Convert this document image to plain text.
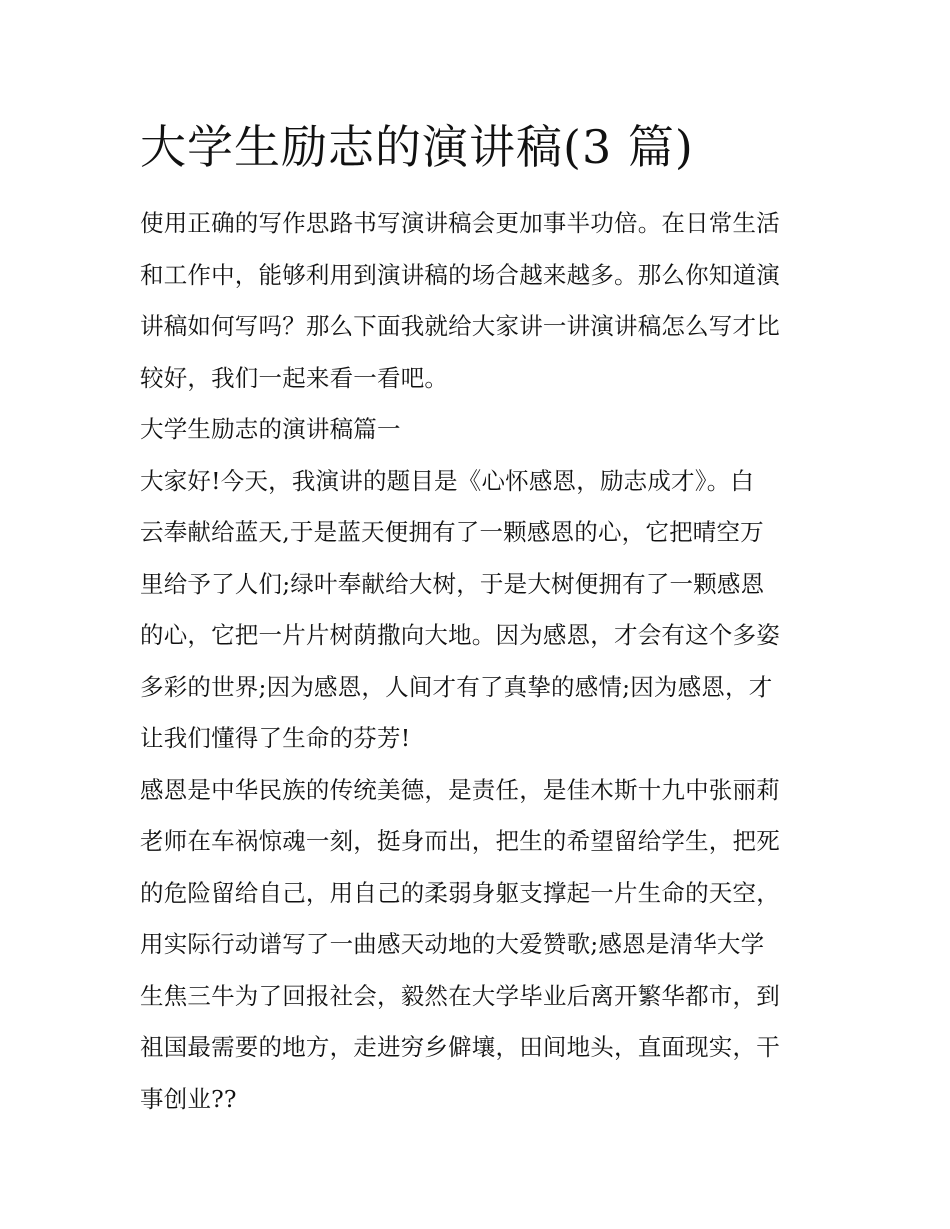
大学生励志的演讲稿(3 篇)
使用正确的写作思路书写演讲稿会更加事半功倍。在日常生活
和工作中，能够利用到演讲稿的场合越来越多。那么你知道演
讲稿如何写吗？那么下面我就给大家讲一讲演讲稿怎么写才比
较好，我们一起来看一看吧。
大学生励志的演讲稿篇一
大家好!今天，我演讲的题目是《心怀感恩，励志成才》。白
云奉献给蓝天,于是蓝天便拥有了一颗感恩的心，它把晴空万
里给予了人们;绿叶奉献给大树，于是大树便拥有了一颗感恩
的心，它把一片片树荫撒向大地。因为感恩，才会有这个多姿
多彩的世界;因为感恩，人间才有了真挚的感情;因为感恩，才
让我们懂得了生命的芬芳!
感恩是中华民族的传统美德，是责任，是佳木斯十九中张丽莉
老师在车祸惊魂一刻，挺身而出，把生的希望留给学生，把死
的危险留给自己，用自己的柔弱身躯支撑起一片生命的天空，
用实际行动谱写了一曲感天动地的大爱赞歌;感恩是清华大学
生焦三牛为了回报社会，毅然在大学毕业后离开繁华都市，到
祖国最需要的地方，走进穷乡僻壤，田间地头，直面现实，干
事创业??
